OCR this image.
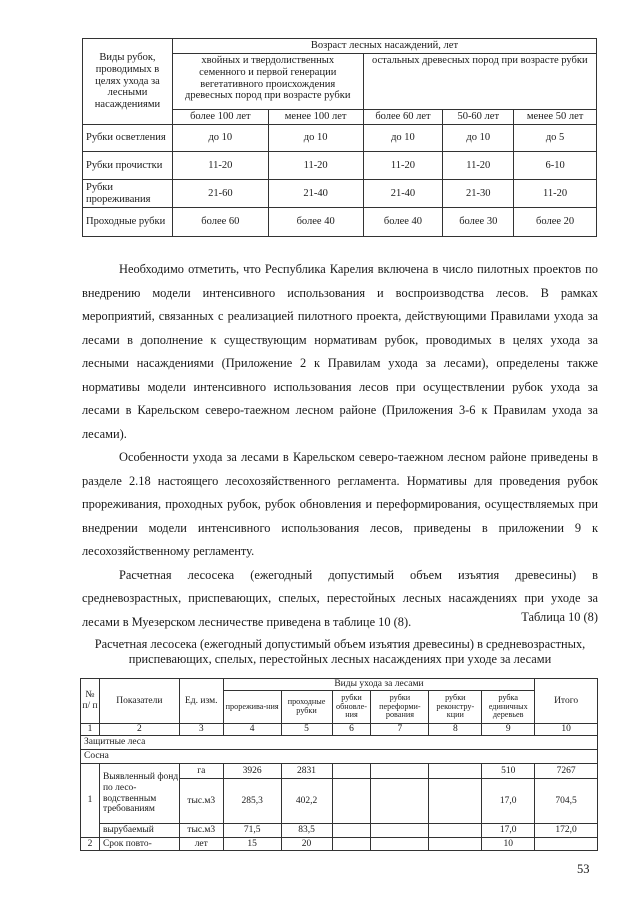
Виды рубок, проводимых в целях ухода за лесными насаждениями	Возраст лесных насаждений, лет				
	хвойных и твердолиственных семенного и первой генерации вегетативного происхождения древесных пород при возрасте рубки		остальных древесных пород при возрасте рубки		
	более 100 лет	менее 100 лет	более 60 лет	50-60 лет	менее 50 лет
Рубки осветления	до 10	до 10	до 10	до 10	до 5
Рубки прочистки	11-20	11-20	11-20	11-20	6-10
Рубки прореживания	21-60	21-40	21-40	21-30	11-20
Проходные рубки	более 60	более 40	более 40	более 30	более 20

Необходимо отметить, что Республика Карелия включена в число пилотных проектов по внедрению модели интенсивного использования и воспроизводства лесов. В рамках мероприятий, связанных с реализацией пилотного проекта, действующими Правилами ухода за лесами в дополнение к существующим нормативам рубок, проводимых в целях ухода за лесными насаждениями (Приложение 2 к Правилам ухода за лесами), определены также нормативы модели интенсивного использования лесов при осуществлении рубок ухода за лесами в Карельском северо-таежном лесном районе (Приложения 3-6 к Правилам ухода за лесами).

Особенности ухода за лесами в Карельском северо-таежном лесном районе приведены в разделе 2.18 настоящего лесохозяйственного регламента. Нормативы для проведения рубок прореживания, проходных рубок, рубок обновления и переформирования, осуществляемых при внедрении модели интенсивного использования лесов, приведены в приложении 9 к лесохозяйственному регламенту.

Расчетная лесосека (ежегодный допустимый объем изъятия древесины) в средневозрастных, приспевающих, спелых, перестойных лесных насаждениях при уходе за лесами в Муезерском лесничестве приведена в таблице 10 (8).	Таблица 10 (8)
Расчетная лесосека (ежегодный допустимый объем изъятия древесины) в средневозрастных, приспевающих, спелых, перестойных лесных насаждениях при уходе за лесами
№ п/ п	Показатели	Ед. изм.	Виды ухода за лесами						Итого
			прорежива-ния	проходные рубки	рубки обновле-ния	рубки переформи-рования	рубки реконстру-кции	рубка единичных деревьев	
1	2	3	4	5	6	7	8	9	10
Защитные леса									
Сосна									
1	Выявленный фонд по лесо-водственным требованиям	га	3926	2831				510	7267
		тыс.м3	285,3	402,2				17,0	704,5
	вырубаемый	тыс.м3	71,5	83,5				17,0	172,0
2	Срок повто-	лет	15	20				10	
53
